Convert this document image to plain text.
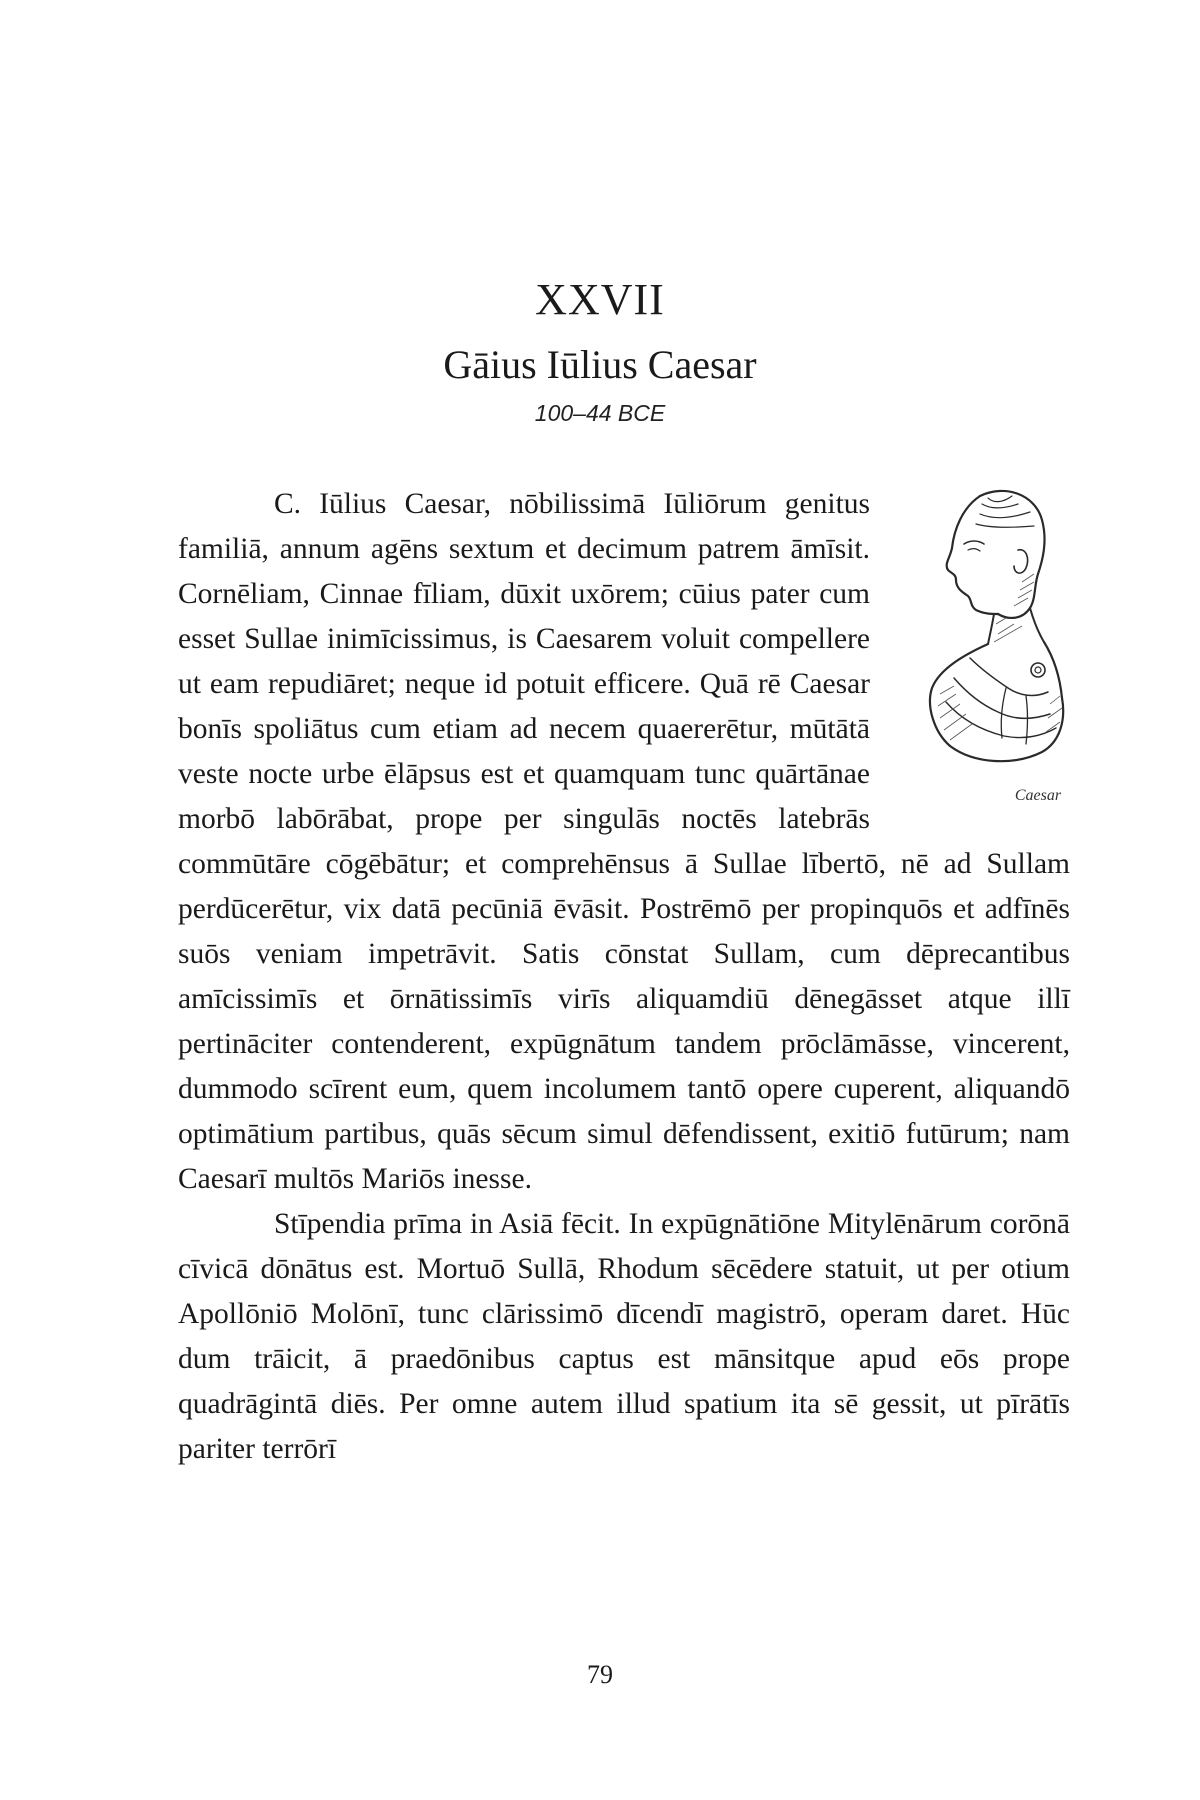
XXVII
Gāius Iūlius Caesar
100–44 BCE

Caesar
C. Iūlius Caesar, nōbilissimā Iūliōrum genitus familiā, annum agēns sextum et decimum patrem āmīsit. Cornēliam, Cinnae fīliam, dūxit uxōrem; cūius pater cum esset Sullae inimīcissimus, is Caesarem voluit compellere ut eam repudiāret; neque id potuit efficere. Quā rē Caesar bonīs spoliātus cum etiam ad necem quaererētur, mūtātā veste nocte urbe ēlāpsus est et quamquam tunc quārtānae morbō labōrābat, prope per singulās noctēs latebrās commūtāre cōgēbātur; et comprehēnsus ā Sullae lībertō, nē ad Sullam perdūcerētur, vix datā pecūniā ēvāsit. Postrēmō per propinquōs et adfīnēs suōs veniam impetrāvit. Satis cōnstat Sullam, cum dēprecantibus amīcissimīs et ōrnātissimīs virīs aliquamdiū dēnegāsset atque illī pertināciter contenderent, expūgnātum tandem prōclāmāsse, vincerent, dummodo scīrent eum, quem incolumem tantō opere cuperent, aliquandō optimātium partibus, quās sēcum simul dēfendissent, exitiō futūrum; nam Caesarī multōs Mariōs inesse.

Stīpendia prīma in Asiā fēcit. In expūgnātiōne Mitylēnārum corōnā cīvicā dōnātus est. Mortuō Sullā, Rhodum sēcēdere statuit, ut per otium Apollōniō Molōnī, tunc clārissimō dīcendī magistrō, operam daret. Hūc dum trāicit, ā praedōnibus captus est mānsitque apud eōs prope quadrāgintā diēs. Per omne autem illud spatium ita sē gessit, ut pīrātīs pariter terrōrī

79
